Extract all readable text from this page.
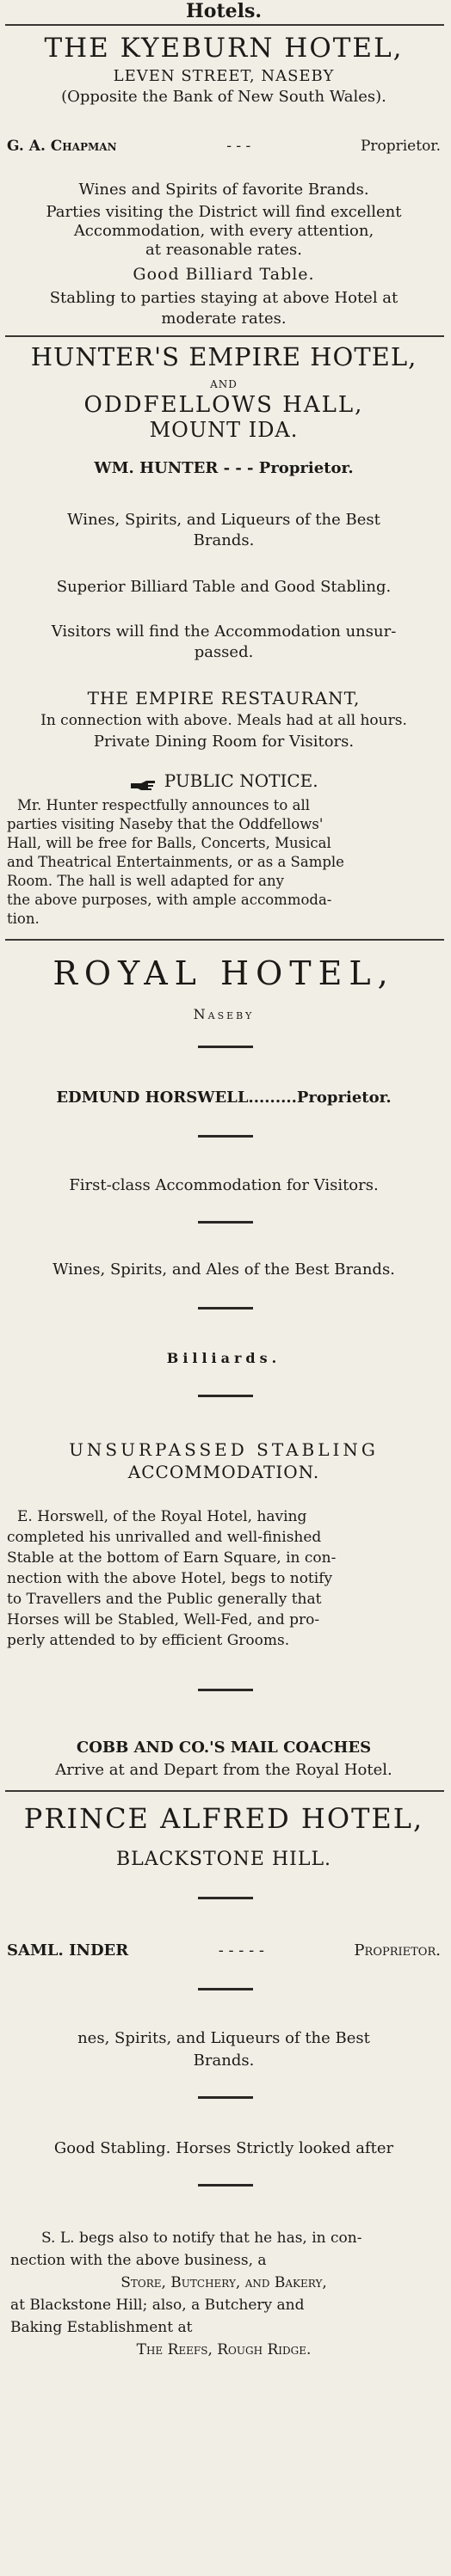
Hotels.
THE KYEBURN HOTEL,
LEVEN STREET, NASEBY
(Opposite the Bank of New South Wales).
G. A. Chapman	- - -	Proprietor.
Wines and Spirits of favorite Brands.
Parties visiting the District will find excellent
Accommodation, with every attention,
at reasonable rates.
Good Billiard Table.
Stabling to parties staying at above Hotel at
moderate rates.
HUNTER'S EMPIRE HOTEL,
AND
ODDFELLOWS HALL,
MOUNT IDA.
WM. HUNTER - - - Proprietor.
Wines, Spirits, and Liqueurs of the Best
Brands.
Superior Billiard Table and Good Stabling.
Visitors will find the Accommodation unsur-
passed.
THE EMPIRE RESTAURANT,
In connection with above. Meals had at all hours.
Private Dining Room for Visitors.
PUBLIC NOTICE.

Mr. Hunter respectfully announces to all

parties visiting Naseby that the Oddfellows'

Hall, will be free for Balls, Concerts, Musical

and Theatrical Entertainments, or as a Sample

Room. The hall is well adapted for any

the above purposes, with ample accommoda-

tion.

ROYAL HOTEL,
Naseby
EDMUND HORSWELL.........Proprietor.
First-class Accommodation for Visitors.
Wines, Spirits, and Ales of the Best Brands.
Billiards.
UNSURPASSED STABLING
ACCOMMODATION.

E. Horswell, of the Royal Hotel, having

completed his unrivalled and well-finished

Stable at the bottom of Earn Square, in con-

nection with the above Hotel, begs to notify

to Travellers and the Public generally that

Horses will be Stabled, Well-Fed, and pro-

perly attended to by efficient Grooms.

COBB AND CO.'S MAIL COACHES
Arrive at and Depart from the Royal Hotel.
PRINCE ALFRED HOTEL,
BLACKSTONE HILL.
SAML. INDER	- - - - -	Proprietor.
nes, Spirits, and Liqueurs of the Best
Brands.
Good Stabling. Horses Strictly looked after

S. L. begs also to notify that he has, in con-

nection with the above business, a

Store, Butchery, and Bakery,

at Blackstone Hill; also, a Butchery and

Baking Establishment at

The Reefs, Rough Ridge.
